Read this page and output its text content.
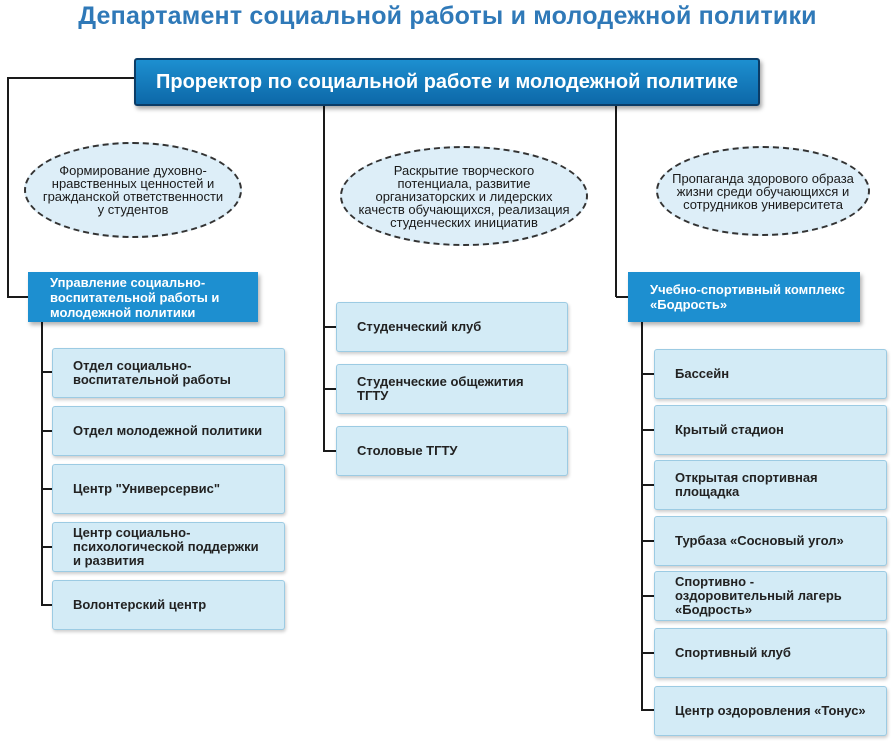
Департамент социальной работы и молодежной политики
Проректор по социальной работе и молодежной политике
Формирование духовно-нравственных ценностей и гражданской ответственности у студентов
Раскрытие творческого потенциала, развитие организаторских и лидерских качеств обучающихся, реализация студенческих инициатив
Пропаганда здорового образа жизни среди обучающихся и сотрудников университета
Управление социально-воспитательной работы и молодежной политики
Учебно-спортивный комплекс «Бодрость»
Отдел социально-воспитательной работы
Отдел молодежной политики
Центр "Универсервис"
Центр социально-психологической поддержки и развития
Волонтерский центр
Студенческий клуб
Студенческие общежития ТГТУ
Столовые ТГТУ
Бассейн
Крытый стадион
Открытая спортивная площадка
Турбаза «Сосновый угол»
Спортивно - оздоровительный лагерь «Бодрость»
Спортивный клуб
Центр оздоровления «Тонус»
